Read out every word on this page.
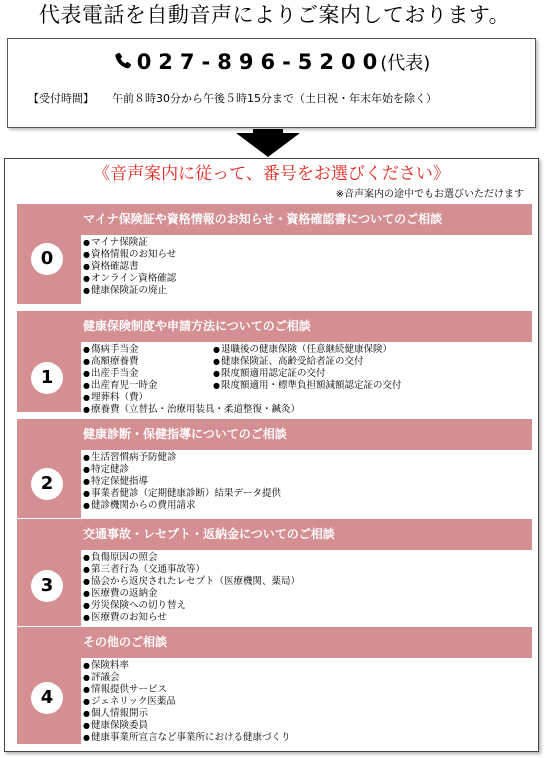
代表電話を自動音声によりご案内しております。
027-896-5200(代表)
【受付時間】 午前８時30分から午後５時15分まで（土日祝・年末年始を除く）
《音声案内に従って、番号をお選びください》
※音声案内の途中でもお選びいただけます
マイナ保険証や資格情報のお知らせ・資格確認書についてのご相談
0
● マイナ保険証
● 資格情報のお知らせ
● 資格確認書
● オンライン資格確認
● 健康保険証の廃止
健康保険制度や申請方法についてのご相談
1
● 傷病手当金
● 高額療養費
● 出産手当金
● 出産育児一時金
● 埋葬料（費）
● 療養費（立替払・治療用装具・柔道整復・鍼灸）
● 退職後の健康保険（任意継続健康保険）
● 健康保険証、高齢受給者証の交付
● 限度額適用認定証の交付
● 限度額適用・標準負担額減額認定証の交付
健康診断・保健指導についてのご相談
2
● 生活習慣病予防健診
● 特定健診
● 特定保健指導
● 事業者健診（定期健康診断）結果データ提供
● 健診機関からの費用請求
交通事故・レセプト・返納金についてのご相談
3
● 負傷原因の照会
● 第三者行為（交通事故等）
● 協会から返戻されたレセプト（医療機関、薬局）
● 医療費の返納金
● 労災保険への切り替え
● 医療費のお知らせ
その他のご相談
4
● 保険料率
● 評議会
● 情報提供サービス
● ジェネリック医薬品
● 個人情報開示
● 健康保険委員
● 健康事業所宣言など事業所における健康づくり
